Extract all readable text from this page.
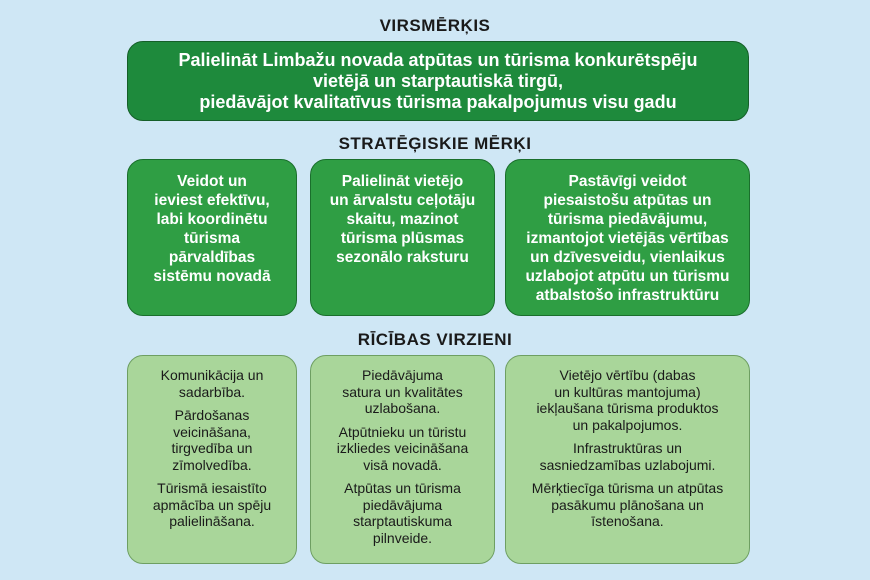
VIRSMĒRĶIS
STRATĒĢISKIE MĒRĶI
RĪCĪBAS VIRZIENI
Palielināt Limbažu novada atpūtas un tūrisma konkurētspēju
vietējā un starptautiskā tirgū,
piedāvājot kvalitatīvus tūrisma pakalpojumus visu gadu
Veidot un
ieviest efektīvu,
labi koordinētu
tūrisma
pārvaldības
sistēmu novadā
Palielināt vietējo
un ārvalstu ceļotāju
skaitu, mazinot
tūrisma plūsmas
sezonālo raksturu
Pastāvīgi veidot
piesaistošu atpūtas un
tūrisma piedāvājumu,
izmantojot vietējās vērtības
un dzīvesveidu, vienlaikus
uzlabojot atpūtu un tūrismu
atbalstošo infrastruktūru
Komunikācija un
sadarbība.
Pārdošanas
veicināšana,
tirgvedība un
zīmolvedība.
Tūrismā iesaistīto
apmācība un spēju
palielināšana.
Piedāvājuma
satura un kvalitātes
uzlabošana.
Atpūtnieku un tūristu
izkliedes veicināšana
visā novadā.
Atpūtas un tūrisma
piedāvājuma
starptautiskuma
pilnveide.
Vietējo vērtību (dabas
un kultūras mantojuma)
iekļaušana tūrisma produktos
un pakalpojumos.
Infrastruktūras un
sasniedzamības uzlabojumi.
Mērķtiecīga tūrisma un atpūtas
pasākumu plānošana un
īstenošana.
